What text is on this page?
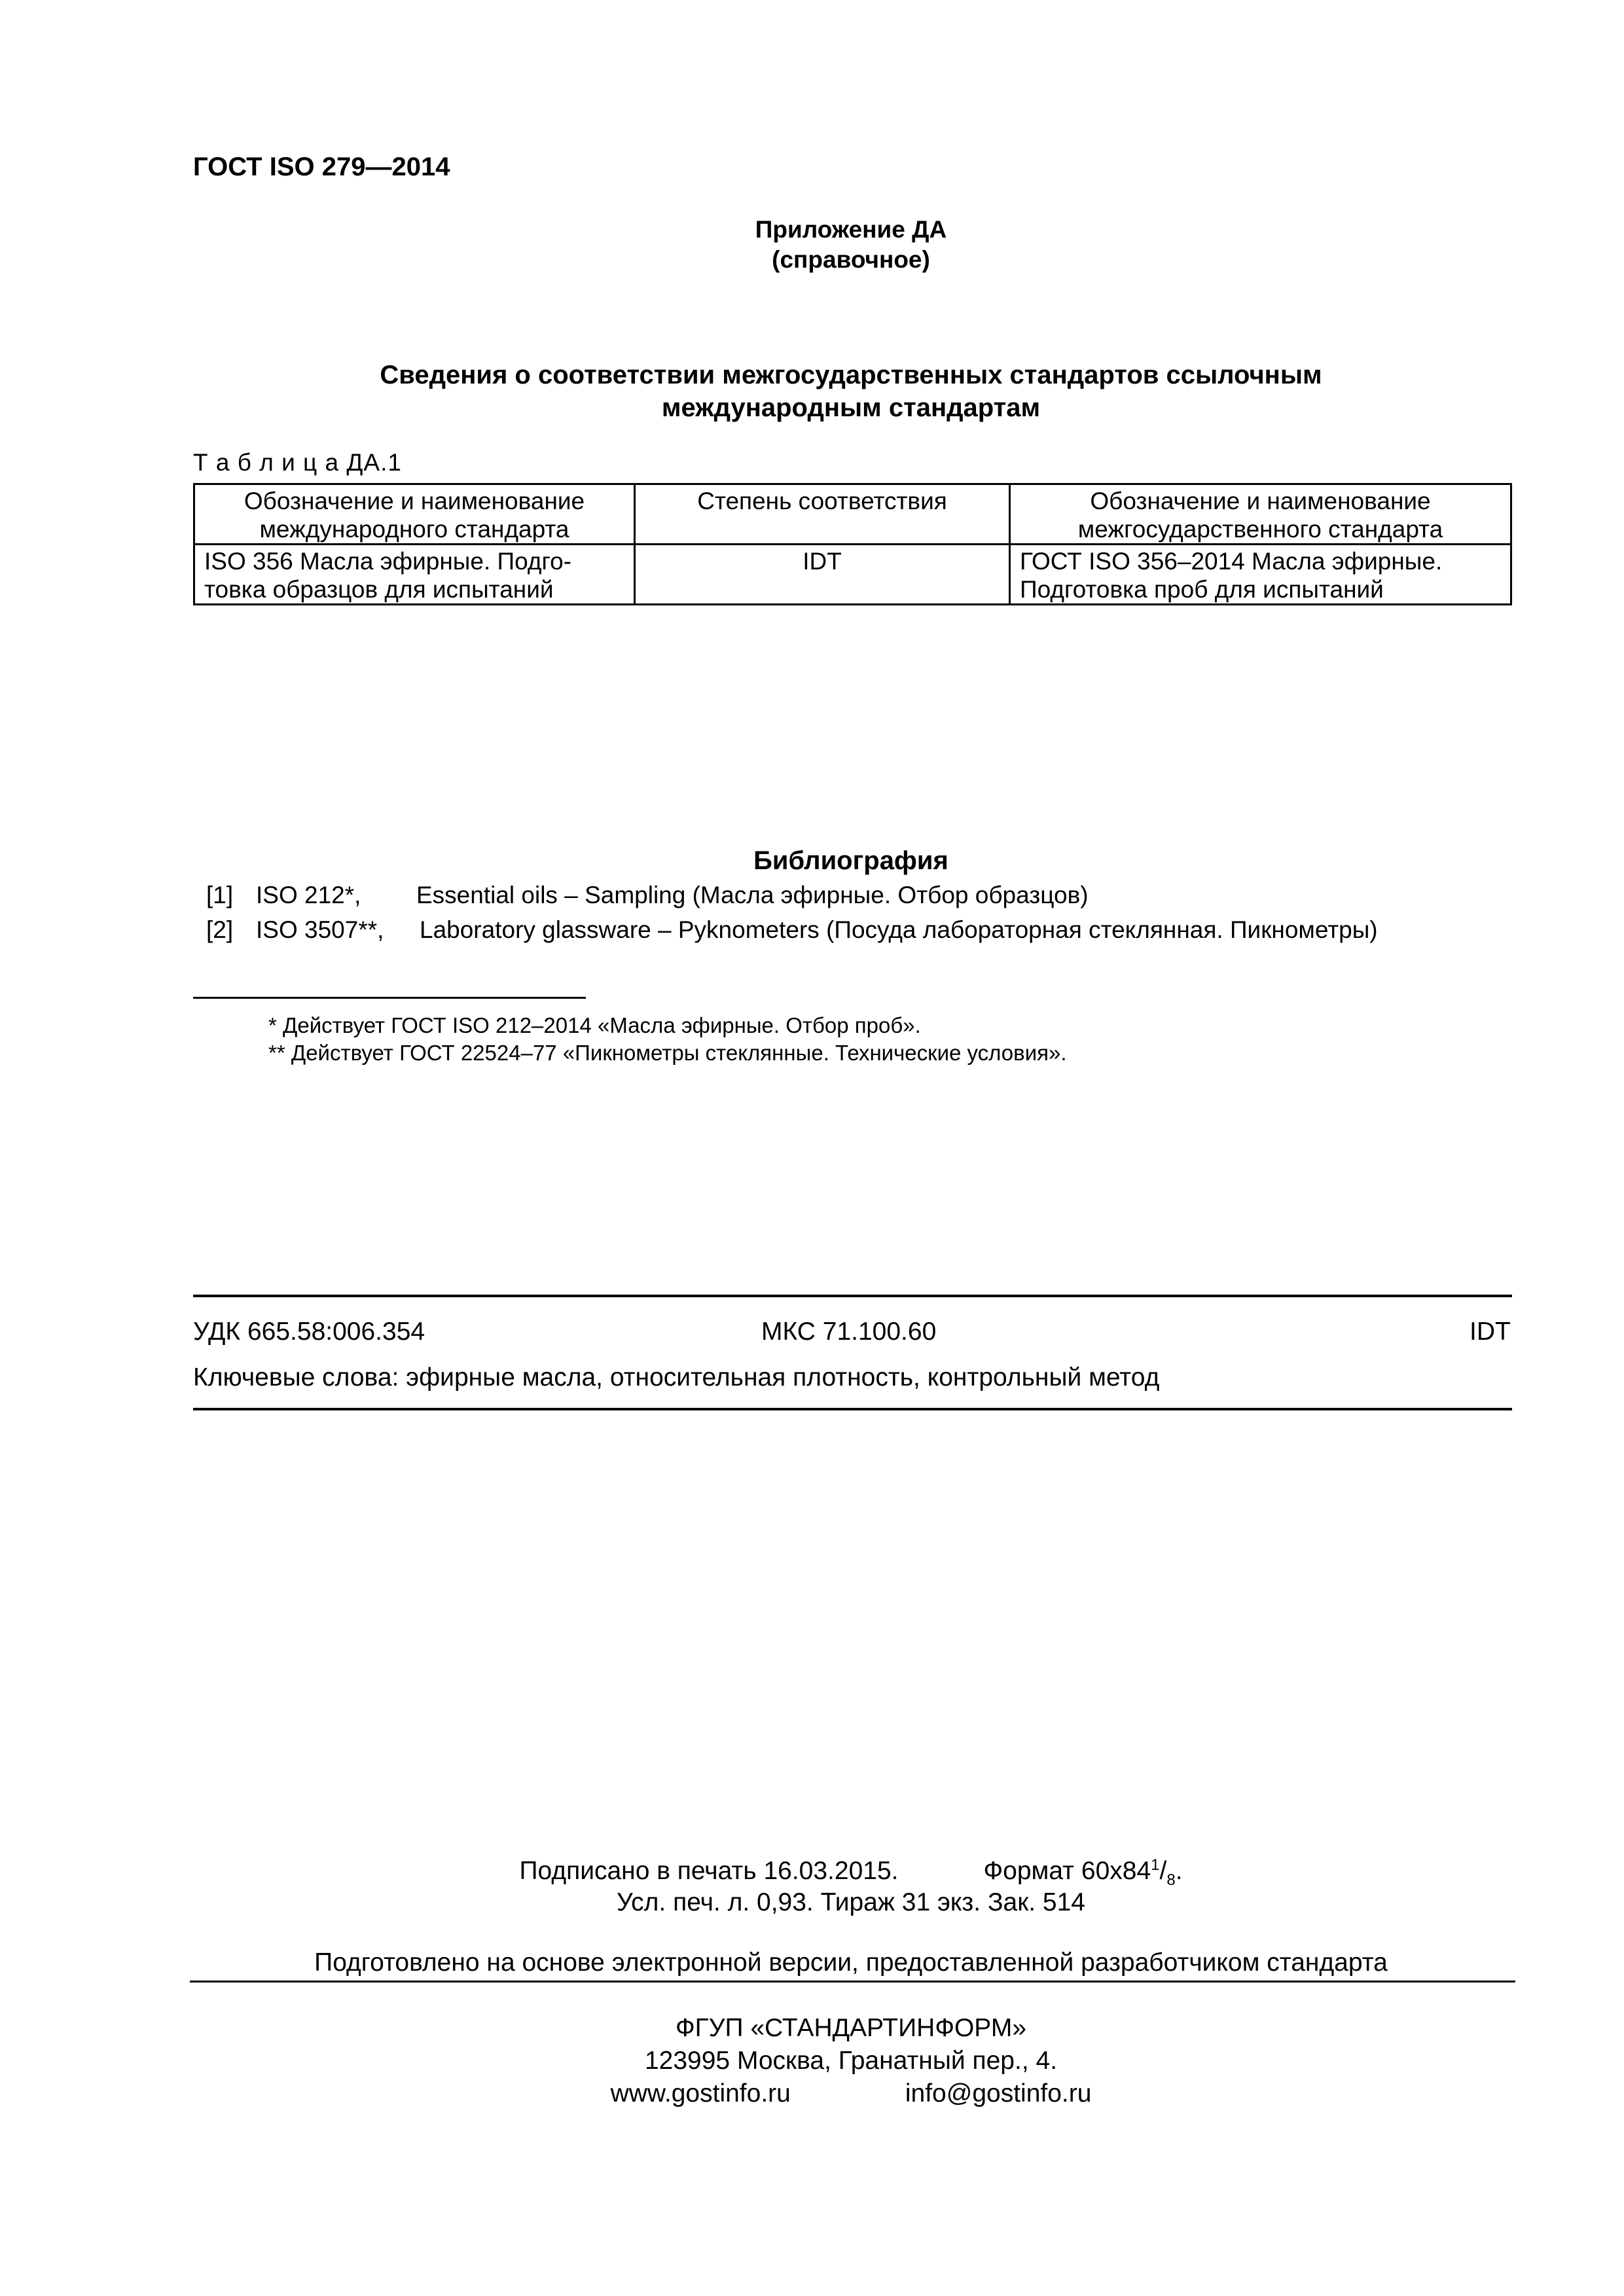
ГОСТ ISO 279—2014
Приложение ДА
(справочное)
Сведения о соответствии межгосударственных стандартов ссылочным
международным стандартам
Т а б л и ц а ДА.1
Обозначение и наименование международного стандарта	Степень соответствия	Обозначение и наименование межгосударственного стандарта
ISO 356 Масла эфирные. Подготовка образцов для испытаний	IDT	ГОСТ ISO 356–2014 Масла эфирные. Подготовка проб для испытаний
Библиография
[1] ISO 212*, Essential oils – Sampling (Масла эфирные. Отбор образцов)
[2] ISO 3507**, Laboratory glassware – Pyknometers (Посуда лабораторная стеклянная. Пикнометры)
* Действует ГОСТ ISO 212–2014 «Масла эфирные. Отбор проб».
** Действует ГОСТ 22524–77 «Пикнометры стеклянные. Технические условия».
УДК 665.58:006.354	МКС 71.100.60	IDT
Ключевые слова: эфирные масла, относительная плотность, контрольный метод
Подписано в печать 16.03.2015.	Формат $60х84^1/_8$.
Усл. печ. л. 0,93. Тираж 31 экз. Зак. 514
Подготовлено на основе электронной версии, предоставленной разработчиком стандарта
ФГУП «СТАНДАРТИНФОРМ»
123995 Москва, Гранатный пер., 4.
www.gostinfo.ru	info@gostinfo.ru
